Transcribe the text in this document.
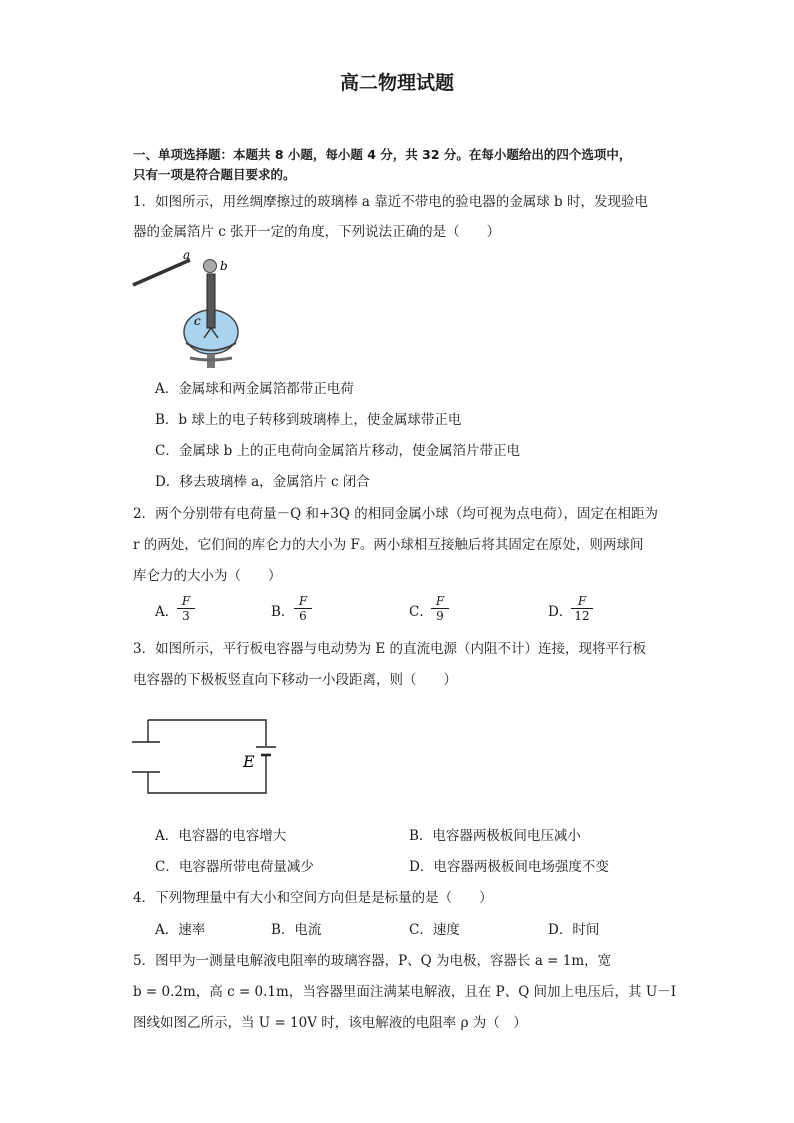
高二物理试题
一、单项选择题：本题共 8 小题，每小题 4 分，共 32 分。在每小题给出的四个选项中，
只有一项是符合题目要求的。
1．如图所示，用丝绸摩擦过的玻璃棒 a 靠近不带电的验电器的金属球 b 时，发现验电
器的金属箔片 c 张开一定的角度，下列说法正确的是（　　）
a
b
c
A．金属球和两金属箔都带正电荷
B．b 球上的电子转移到玻璃棒上，使金属球带正电
C．金属球 b 上的正电荷向金属箔片移动，使金属箔片带正电
D．移去玻璃棒 a，金属箔片 c 闭合
2．两个分别带有电荷量－Q 和+3Q 的相同金属小球（均可视为点电荷），固定在相距为
r 的两处，它们间的库仑力的大小为 F。两小球相互接触后将其固定在原处，则两球间
库仑力的大小为（　　）
A．
$\frac{F}{3}$	B． $\frac{F}{6}$	C．
$\frac{F}{9}$	D．
$\frac{F}{12}$
3．如图所示，平行板电容器与电动势为 E 的直流电源（内阻不计）连接，现将平行板
电容器的下极板竖直向下移动一小段距离，则（　　）
E
A．电容器的电容增大	B．电容器两极板间电压减小
C．电容器所带电荷量减少	D．电容器两极板间电场强度不变
4．下列物理量中有大小和空间方向但是是标量的是（　　）
A．速率	B．电流	C．速度	D．时间
5．图甲为一测量电解液电阻率的玻璃容器，P、Q 为电极，容器长 a = 1m，宽
b = 0.2m，高 c = 0.1m，当容器里面注满某电解液，且在 P、Q 间加上电压后，其 U－I
图线如图乙所示，当 U = 10V 时，该电解液的电阻率 ρ 为（　）
